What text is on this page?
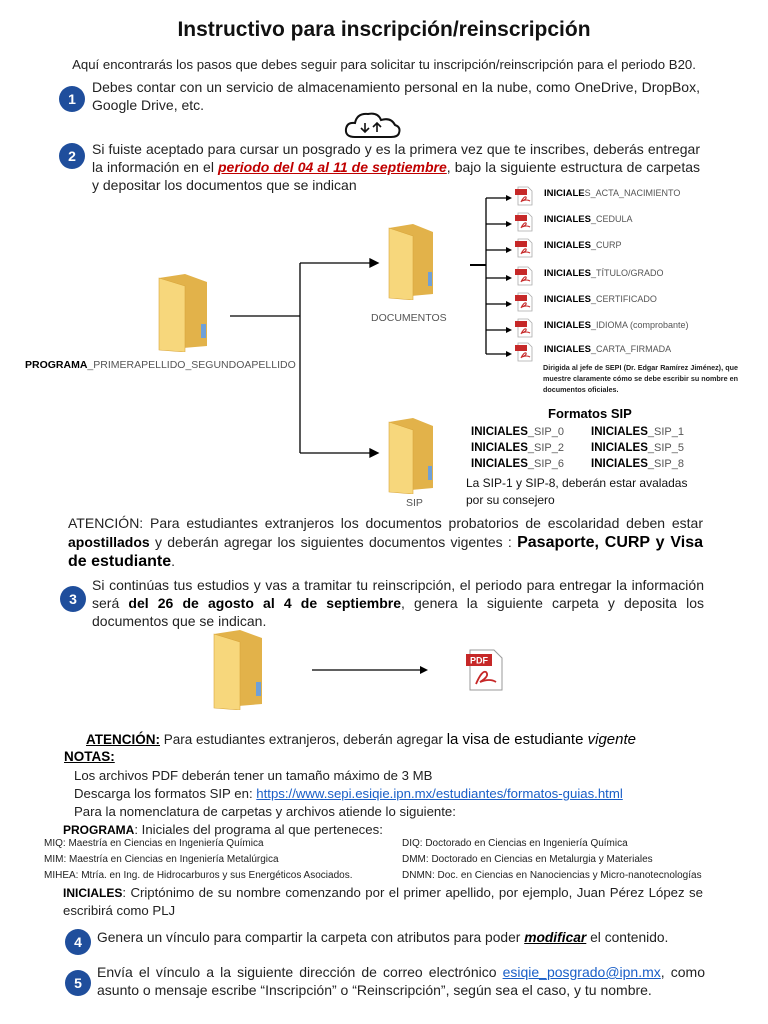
Instructivo para inscripción/reinscripción
Aquí encontrarás los pasos que debes seguir para solicitar tu inscripción/reinscripción para el periodo B20.
1
Debes contar con un servicio de almacenamiento personal en la nube, como OneDrive, DropBox, Google Drive, etc.
2	Si fuiste aceptado para cursar un posgrado y es la primera vez que te inscribes, deberás entregar la información en el periodo del 04 al 11 de septiembre, bajo la siguiente estructura de carpetas y depositar los documentos que se indican
PROGRAMA_PRIMERAPELLIDO_SEGUNDOAPELLIDO
DOCUMENTOS
SIP
INICIALES_ACTA_NACIMIENTO
INICIALES_CEDULA
INICIALES_CURP
INICIALES_TÍTULO/GRADO
INICIALES_CERTIFICADO
INICIALES_IDIOMA (comprobante)
INICIALES_CARTA_FIRMADA
Dirigida al jefe de SEPI (Dr. Edgar Ramírez Jiménez), que muestre claramente cómo se debe escribir su nombre en documentos oficiales.
Formatos SIP
INICIALES_SIP_0 INICIALES_SIP_1
INICIALES_SIP_2 INICIALES_SIP_5
INICIALES_SIP_6 INICIALES_SIP_8
La SIP-1 y SIP-8, deberán estar avaladas por su consejero
ATENCIÓN: Para estudiantes extranjeros los documentos probatorios de escolaridad deben estar apostillados y deberán agregar los siguientes documentos vigentes : Pasaporte, CURP y Visa de estudiante.
3
Si continúas tus estudios y vas a tramitar tu reinscripción, el periodo para entregar la información será del 26 de agosto al 4 de septiembre, genera la siguiente carpeta y deposita los documentos que se indican.
PDF
ATENCIÓN: Para estudiantes extranjeros, deberán agregar la visa de estudiante vigente
NOTAS:
Los archivos PDF deberán tener un tamaño máximo de 3 MB
Descarga los formatos SIP en: https://www.sepi.esiqie.ipn.mx/estudiantes/formatos-guias.html
Para la nomenclatura de carpetas y archivos atiende lo siguiente:
PROGRAMA: Iniciales del programa al que perteneces:
MIQ: Maestría en Ciencias en Ingeniería Química
MIM: Maestría en Ciencias en Ingeniería Metalúrgica
MIHEA: Mtría. en Ing. de Hidrocarburos y sus Energéticos Asociados.
DIQ: Doctorado en Ciencias en Ingeniería Química
DMM: Doctorado en Ciencias en Metalurgia y Materiales
DNMN: Doc. en Ciencias en Nanociencias y Micro-nanotecnologías
INICIALES: Criptónimo de su nombre comenzando por el primer apellido, por ejemplo, Juan Pérez López se escribirá como PLJ
4	Genera un vínculo para compartir la carpeta con atributos para poder modificar el contenido.
5
Envía el vínculo a la siguiente dirección de correo electrónico esiqie_posgrado@ipn.mx, como asunto o mensaje escribe “Inscripción” o “Reinscripción”, según sea el caso, y tu nombre.
